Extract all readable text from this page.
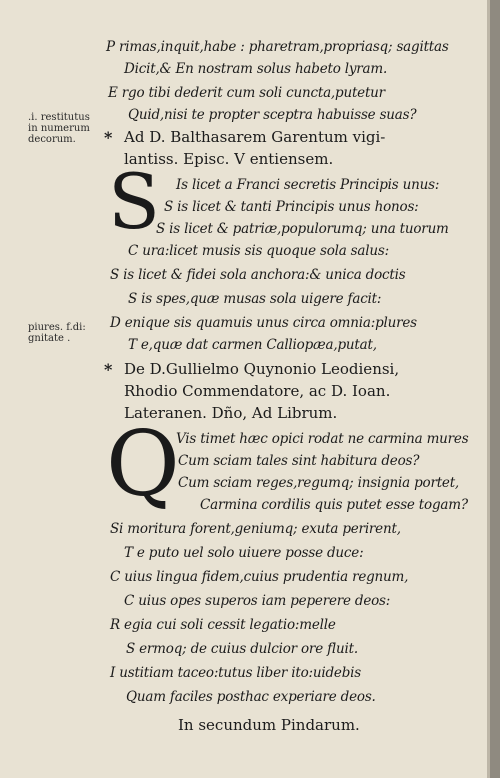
.i. restitutus
in numerum
decorum.
piures. f.di:
gnitate .
P rimas,inquit,habe : pharetram,propriasq; sagittas
Dicit,& En nostram solus habeto lyram.
E rgo tibi dederit cum soli cuncta,putetur
Quid,nisi te propter sceptra habuisse suas?
* Ad D. Balthasarem Garentum vigi-
lantiss. Episc. V entiensem.
S Is licet a Franci secretis Principis unus:
S is licet & tanti Principis unus honos:
S is licet & patriæ,populorumq; una tuorum
C ura:licet musis sis quoque sola salus:
S is licet & fidei sola anchora:& unica doctis
S is spes,quæ musas sola uigere facit:
D enique sis quamuis unus circa omnia:plures
T e,quæ dat carmen Calliopæa,putat,
* De D.Gullielmo Quynonio Leodiensi,
Rhodio Commendatore, ac D. Ioan.
Lateranen. Dño, Ad Librum.
Q
Vis timet hæc opici rodat ne carmina mures
Cum sciam tales sint habitura deos?
Cum sciam reges,regumq; insignia portet,
Carmina cordilis quis putet esse togam?
Si moritura forent,geniumq; exuta perirent,
T e puto uel solo uiuere posse duce:
C uius lingua fidem,cuius prudentia regnum,
C uius opes superos iam peperere deos:
R egia cui soli cessit legatio:melle
S ermoq; de cuius dulcior ore fluit.
I ustitiam taceo:tutus liber ito:uidebis
Quam faciles posthac experiare deos.
In secundum Pindarum.
